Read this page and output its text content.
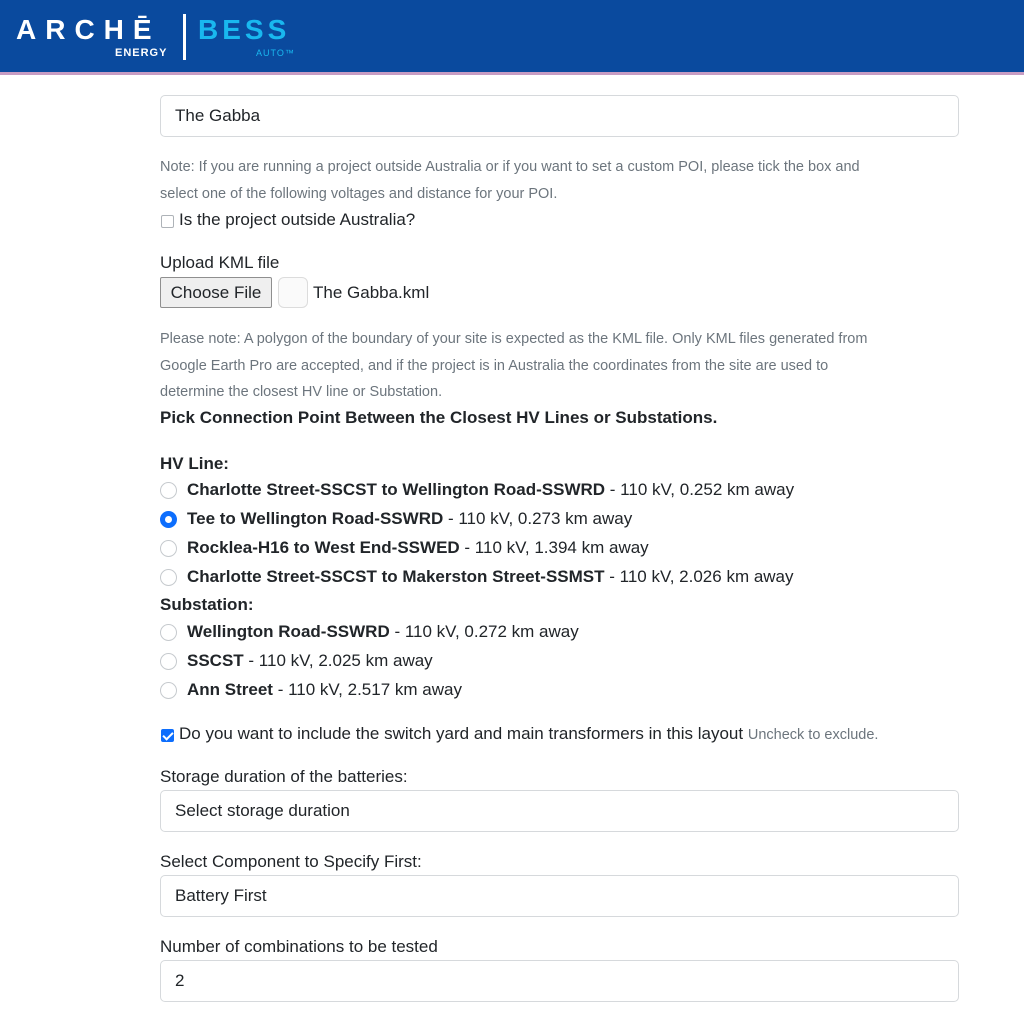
ARCHĒ
ENERGY
BESS
AUTO™
The Gabba
Note: If you are running a project outside Australia or if you want to set a custom POI, please tick the box and
select one of the following voltages and distance for your POI.
Is the project outside Australia?
Upload KML file
Choose File	The Gabba.kml
Please note: A polygon of the boundary of your site is expected as the KML file. Only KML files generated from
Google Earth Pro are accepted, and if the project is in Australia the coordinates from the site are used to
determine the closest HV line or Substation.
Pick Connection Point Between the Closest HV Lines or Substations.
HV Line:
Charlotte Street-SSCST to Wellington Road-SSWRD - 110 kV, 0.252 km away
Tee to Wellington Road-SSWRD - 110 kV, 0.273 km away
Rocklea-H16 to West End-SSWED - 110 kV, 1.394 km away
Charlotte Street-SSCST to Makerston Street-SSMST - 110 kV, 2.026 km away
Substation:
Wellington Road-SSWRD - 110 kV, 0.272 km away
SSCST - 110 kV, 2.025 km away
Ann Street - 110 kV, 2.517 km away
Do you want to include the switch yard and main transformers in this layout Uncheck to exclude.
Storage duration of the batteries:
Select storage duration
Select Component to Specify First:
Battery First
Number of combinations to be tested
2
